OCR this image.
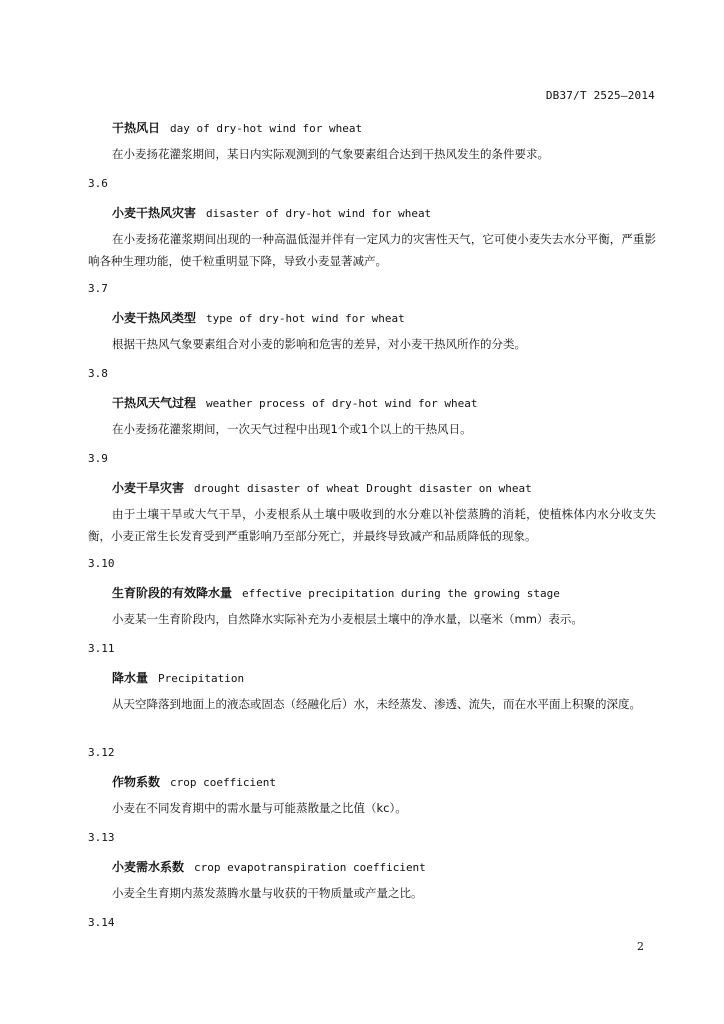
DB37/T 2525—2014
干热风日 day of dry-hot wind for wheat
在小麦扬花灌浆期间，某日内实际观测到的气象要素组合达到干热风发生的条件要求。
3.6
小麦干热风灾害 disaster of dry-hot wind for wheat
在小麦扬花灌浆期间出现的一种高温低湿并伴有一定风力的灾害性天气，它可使小麦失去水分平衡，严重影响各种生理功能，使千粒重明显下降，导致小麦显著减产。
3.7
小麦干热风类型 type of dry-hot wind for wheat
根据干热风气象要素组合对小麦的影响和危害的差异，对小麦干热风所作的分类。
3.8
干热风天气过程 weather process of dry-hot wind for wheat
在小麦扬花灌浆期间，一次天气过程中出现1个或1个以上的干热风日。
3.9
小麦干旱灾害 drought disaster of wheat Drought disaster on wheat
由于土壤干旱或大气干旱，小麦根系从土壤中吸收到的水分难以补偿蒸腾的消耗，使植株体内水分收支失衡，小麦正常生长发育受到严重影响乃至部分死亡，并最终导致减产和品质降低的现象。
3.10
生育阶段的有效降水量 effective precipitation during the growing stage
小麦某一生育阶段内，自然降水实际补充为小麦根层土壤中的净水量，以毫米（mm）表示。
3.11
降水量 Precipitation
从天空降落到地面上的液态或固态（经融化后）水，未经蒸发、渗透、流失，而在水平面上积聚的深度。
3.12
作物系数 crop coefficient
小麦在不同发育期中的需水量与可能蒸散量之比值（kc）。
3.13
小麦需水系数 crop evapotranspiration coefficient
小麦全生育期内蒸发蒸腾水量与收获的干物质量或产量之比。
3.14
2
